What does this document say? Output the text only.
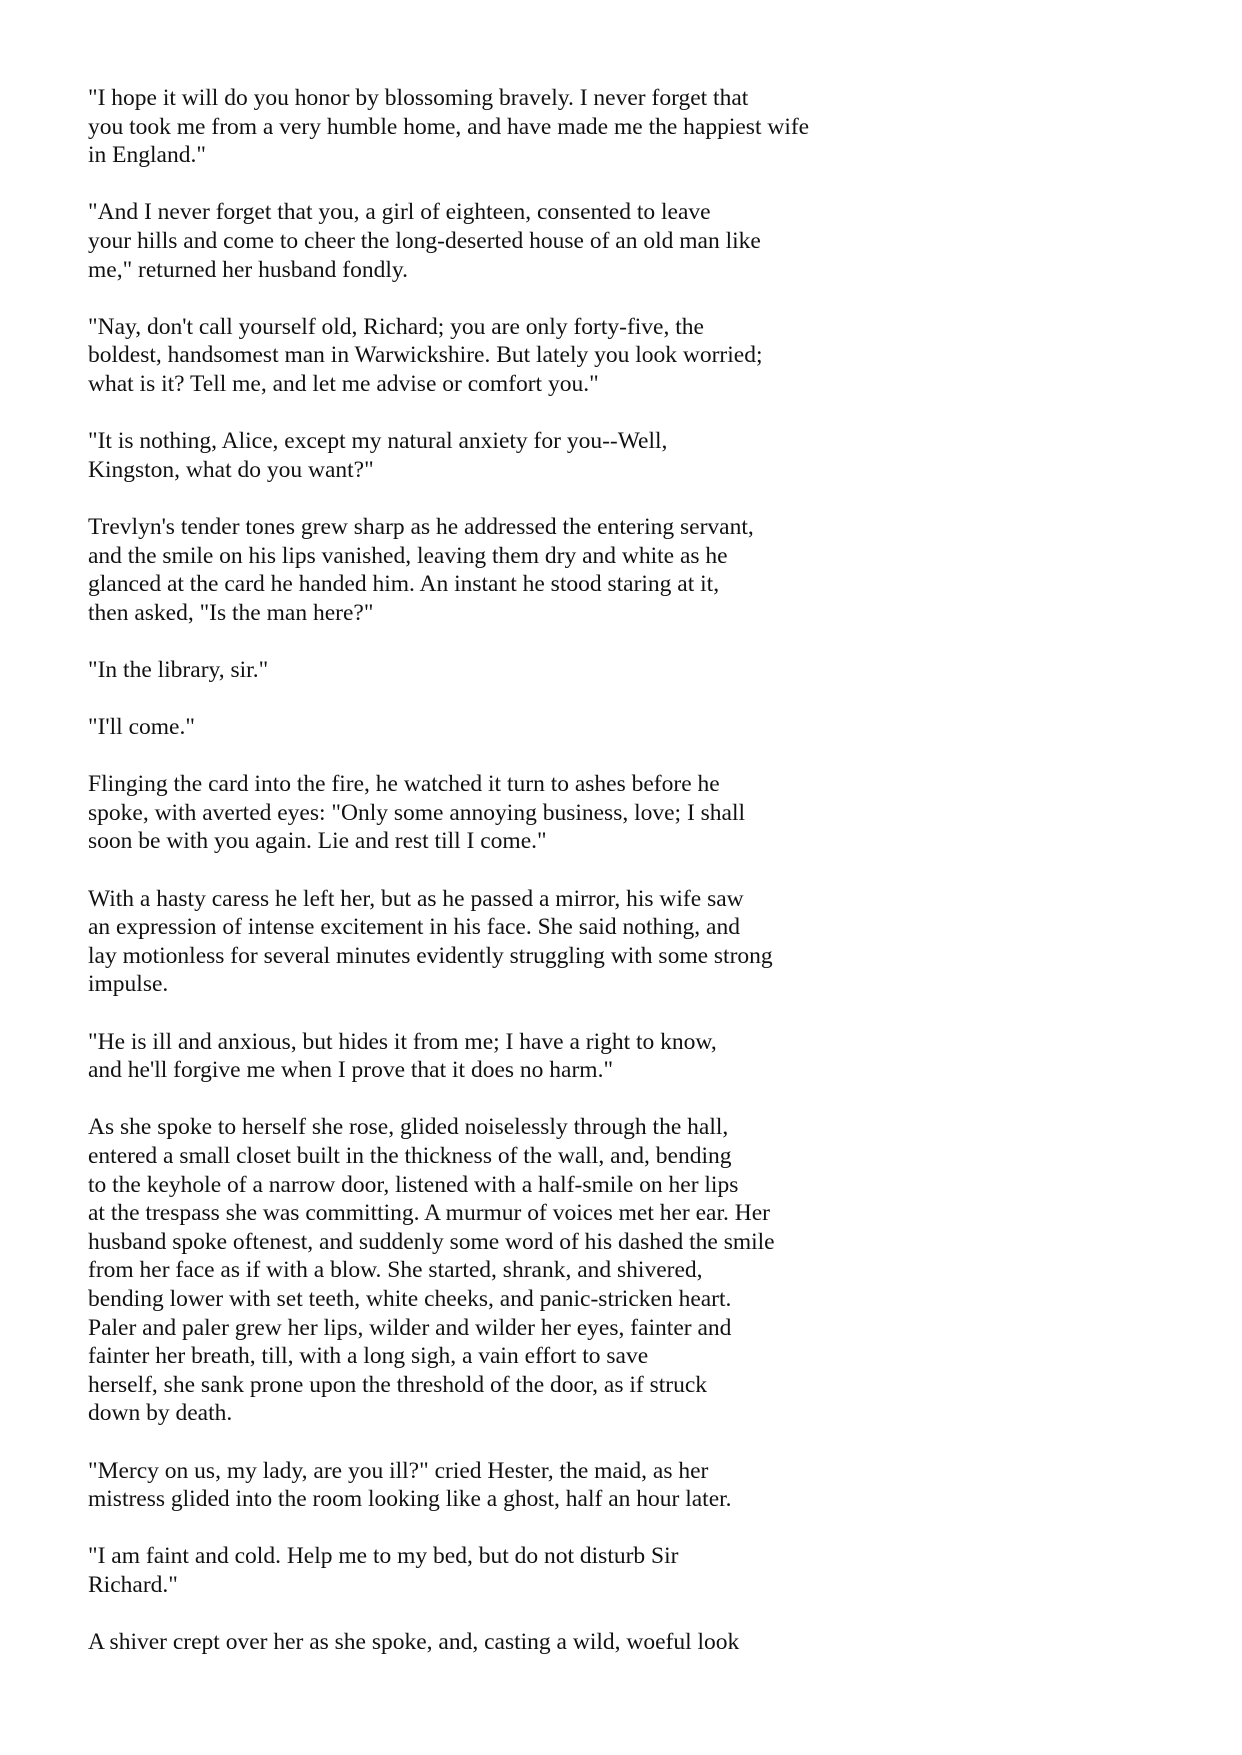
"I hope it will do you honor by blossoming bravely. I never forget that
you took me from a very humble home, and have made me the happiest wife
in England."

"And I never forget that you, a girl of eighteen, consented to leave
your hills and come to cheer the long-deserted house of an old man like
me," returned her husband fondly.

"Nay, don't call yourself old, Richard; you are only forty-five, the
boldest, handsomest man in Warwickshire. But lately you look worried;
what is it? Tell me, and let me advise or comfort you."

"It is nothing, Alice, except my natural anxiety for you--Well,
Kingston, what do you want?"

Trevlyn's tender tones grew sharp as he addressed the entering servant,
and the smile on his lips vanished, leaving them dry and white as he
glanced at the card he handed him. An instant he stood staring at it,
then asked, "Is the man here?"

"In the library, sir."

"I'll come."

Flinging the card into the fire, he watched it turn to ashes before he
spoke, with averted eyes: "Only some annoying business, love; I shall
soon be with you again. Lie and rest till I come."

With a hasty caress he left her, but as he passed a mirror, his wife saw
an expression of intense excitement in his face. She said nothing, and
lay motionless for several minutes evidently struggling with some strong
impulse.

"He is ill and anxious, but hides it from me; I have a right to know,
and he'll forgive me when I prove that it does no harm."

As she spoke to herself she rose, glided noiselessly through the hall,
entered a small closet built in the thickness of the wall, and, bending
to the keyhole of a narrow door, listened with a half-smile on her lips
at the trespass she was committing. A murmur of voices met her ear. Her
husband spoke oftenest, and suddenly some word of his dashed the smile
from her face as if with a blow. She started, shrank, and shivered,
bending lower with set teeth, white cheeks, and panic-stricken heart.
Paler and paler grew her lips, wilder and wilder her eyes, fainter and
fainter her breath, till, with a long sigh, a vain effort to save
herself, she sank prone upon the threshold of the door, as if struck
down by death.

"Mercy on us, my lady, are you ill?" cried Hester, the maid, as her
mistress glided into the room looking like a ghost, half an hour later.

"I am faint and cold. Help me to my bed, but do not disturb Sir
Richard."

A shiver crept over her as she spoke, and, casting a wild, woeful look
